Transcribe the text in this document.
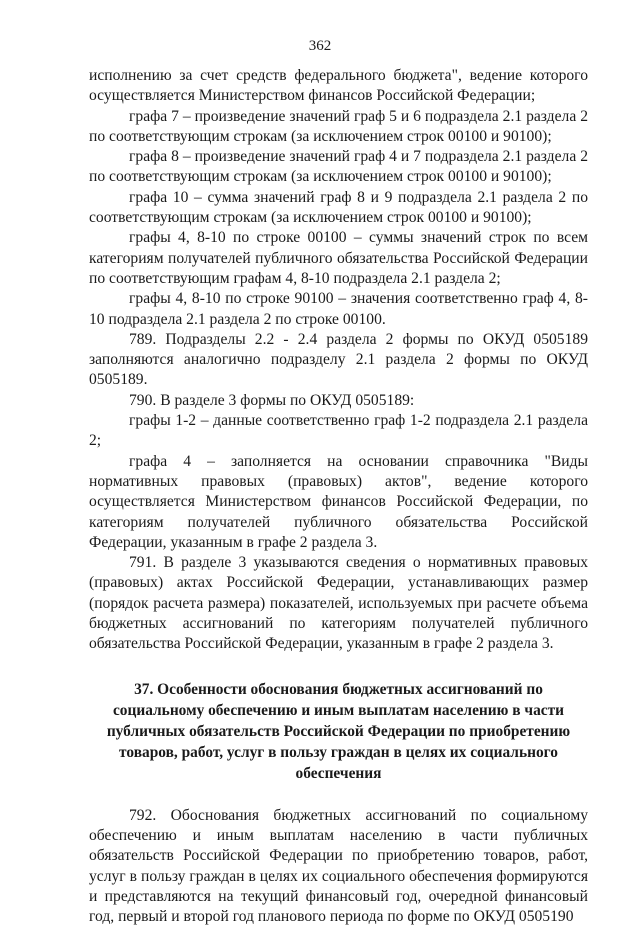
362

исполнению за счет средств федерального бюджета", ведение которого осуществляется Министерством финансов Российской Федерации;

графа 7 – произведение значений граф 5 и 6 подраздела 2.1 раздела 2 по соответствующим строкам (за исключением строк 00100 и 90100);

графа 8 – произведение значений граф 4 и 7 подраздела 2.1 раздела 2 по соответствующим строкам (за исключением строк 00100 и 90100);

графа 10 – сумма значений граф 8 и 9 подраздела 2.1 раздела 2 по соответствующим строкам (за исключением строк 00100 и 90100);

графы 4, 8-10 по строке 00100 – суммы значений строк по всем категориям получателей публичного обязательства Российской Федерации по соответствующим графам 4, 8-10 подраздела 2.1 раздела 2;

графы 4, 8-10 по строке 90100 – значения соответственно граф 4, 8-10 подраздела 2.1 раздела 2 по строке 00100.

789. Подразделы 2.2 - 2.4 раздела 2 формы по ОКУД 0505189 заполняются аналогично подразделу 2.1 раздела 2 формы по ОКУД 0505189.

790. В разделе 3 формы по ОКУД 0505189:

графы 1-2 – данные соответственно граф 1-2 подраздела 2.1 раздела 2;

графа 4 – заполняется на основании справочника "Виды нормативных правовых (правовых) актов", ведение которого осуществляется Министерством финансов Российской Федерации, по категориям получателей публичного обязательства Российской Федерации, указанным в графе 2 раздела 3.

791. В разделе 3 указываются сведения о нормативных правовых (правовых) актах Российской Федерации, устанавливающих размер (порядок расчета размера) показателей, используемых при расчете объема бюджетных ассигнований по категориям получателей публичного обязательства Российской Федерации, указанным в графе 2 раздела 3.

37. Особенности обоснования бюджетных ассигнований по социальному обеспечению и иным выплатам населению в части публичных обязательств Российской Федерации по приобретению товаров, работ, услуг в пользу граждан в целях их социального обеспечения

792. Обоснования бюджетных ассигнований по социальному обеспечению и иным выплатам населению в части публичных обязательств Российской Федерации по приобретению товаров, работ, услуг в пользу граждан в целях их социального обеспечения формируются и представляются на текущий финансовый год, очередной финансовый год, первый и второй год планового периода по форме по ОКУД 0505190
